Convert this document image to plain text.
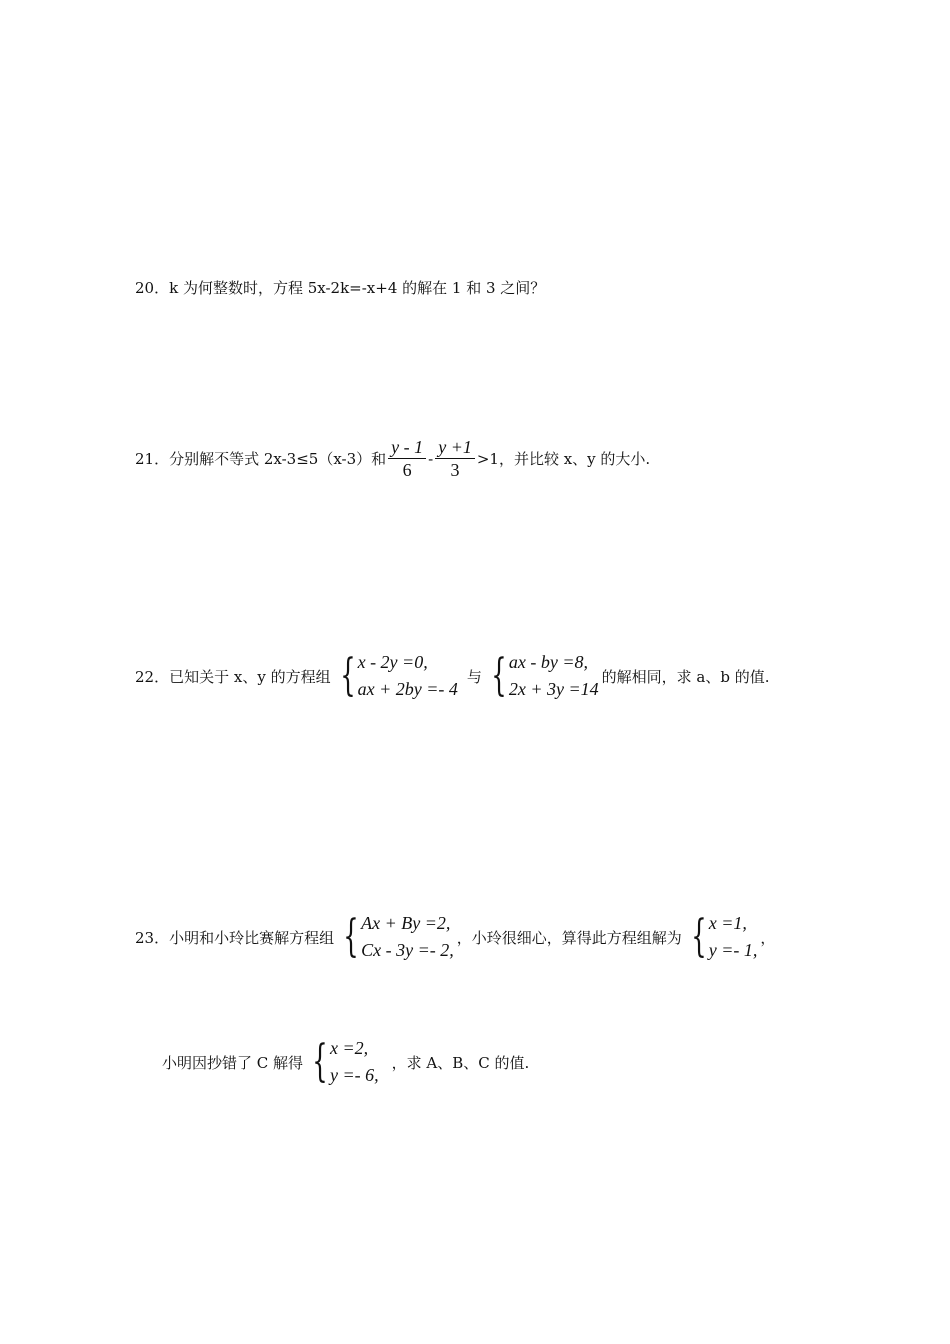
20． k 为何整数时，方程 5x-2k=-x+4 的解在 1 和 3 之间？
21． 分别解不等式 2x-3≤5（x-3）和 $\frac{y - 1}{6} - \frac{y +1}{3} >1$，并比较 x、y 的大小.
22． 已知关于 x、y 的方程组 { x - 2y =0,
ax + 2by =- 4
与 { ax - by =8,
2x + 3y =14
的解相同，求 a、b 的值.
23． 小明和小玲比赛解方程组 { Ax + By =2,
Cx - 3y =- 2,
，小玲很细心，算得此方程组解为 { x =1,
y =- 1,
，
小明因抄错了 C 解得 { x =2,
y =- 6,
，求 A、B、C 的值.
